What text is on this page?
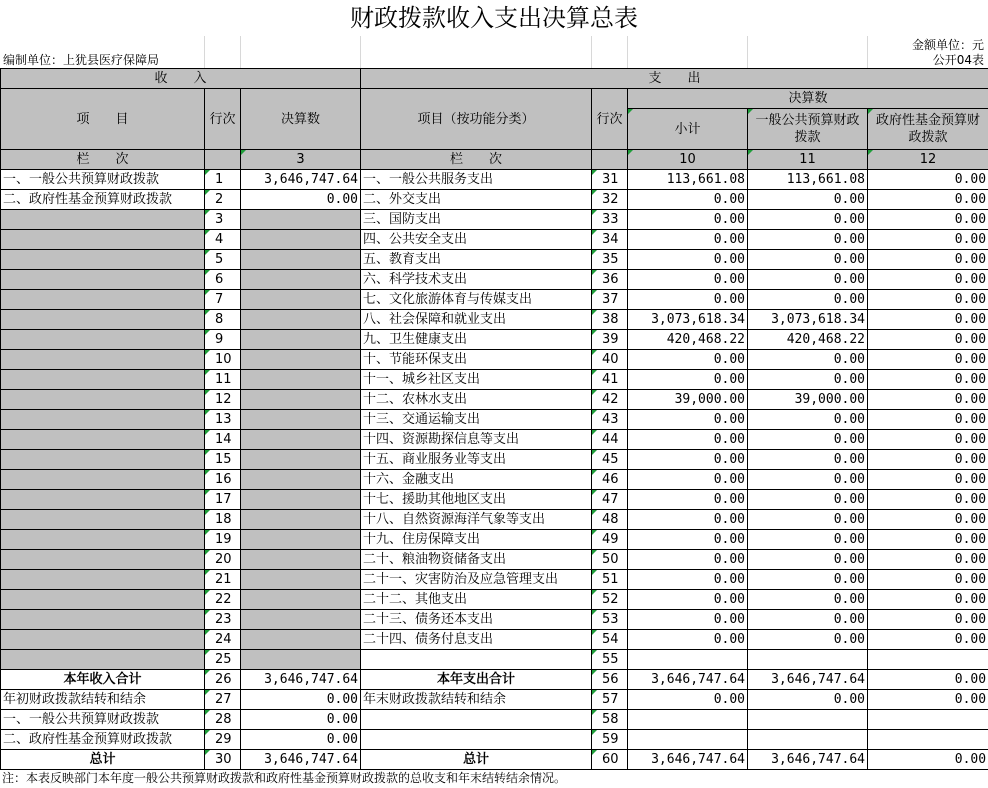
财政拨款收入支出决算总表
金额单位：元
编制单位：上犹县医疗保障局	公开04表
收　　入			支　　出				
项　　目	行次	决算数	项目（按功能分类）	行次	决算数		
					小计	一般公共预算财政拨款	政府性基金预算财政拨款
栏　　次		3	栏　　次		10	11	12
一、一般公共预算财政拨款	1	3,646,747.64	一、一般公共服务支出	31	113,661.08	113,661.08	0.00
二、政府性基金预算财政拨款	2	0.00	二、外交支出	32	0.00	0.00	0.00
	3		三、国防支出	33	0.00	0.00	0.00
	4		四、公共安全支出	34	0.00	0.00	0.00
	5		五、教育支出	35	0.00	0.00	0.00
	6		六、科学技术支出	36	0.00	0.00	0.00
	7		七、文化旅游体育与传媒支出	37	0.00	0.00	0.00
	8		八、社会保障和就业支出	38	3,073,618.34	3,073,618.34	0.00
	9		九、卫生健康支出	39	420,468.22	420,468.22	0.00
	10		十、节能环保支出	40	0.00	0.00	0.00
	11		十一、城乡社区支出	41	0.00	0.00	0.00
	12		十二、农林水支出	42	39,000.00	39,000.00	0.00
	13		十三、交通运输支出	43	0.00	0.00	0.00
	14		十四、资源勘探信息等支出	44	0.00	0.00	0.00
	15		十五、商业服务业等支出	45	0.00	0.00	0.00
	16		十六、金融支出	46	0.00	0.00	0.00
	17		十七、援助其他地区支出	47	0.00	0.00	0.00
	18		十八、自然资源海洋气象等支出	48	0.00	0.00	0.00
	19		十九、住房保障支出	49	0.00	0.00	0.00
	20		二十、粮油物资储备支出	50	0.00	0.00	0.00
	21		二十一、灾害防治及应急管理支出	51	0.00	0.00	0.00
	22		二十二、其他支出	52	0.00	0.00	0.00
	23		二十三、债务还本支出	53	0.00	0.00	0.00
	24		二十四、债务付息支出	54	0.00	0.00	0.00
	25			55			
本年收入合计	26	3,646,747.64	本年支出合计	56	3,646,747.64	3,646,747.64	0.00
年初财政拨款结转和结余	27	0.00	年末财政拨款结转和结余	57	0.00	0.00	0.00
一、一般公共预算财政拨款	28	0.00		58			
二、政府性基金预算财政拨款	29	0.00		59			
总计	30	3,646,747.64	总计	60	3,646,747.64	3,646,747.64	0.00
注：本表反映部门本年度一般公共预算财政拨款和政府性基金预算财政拨款的总收支和年末结转结余情况。
